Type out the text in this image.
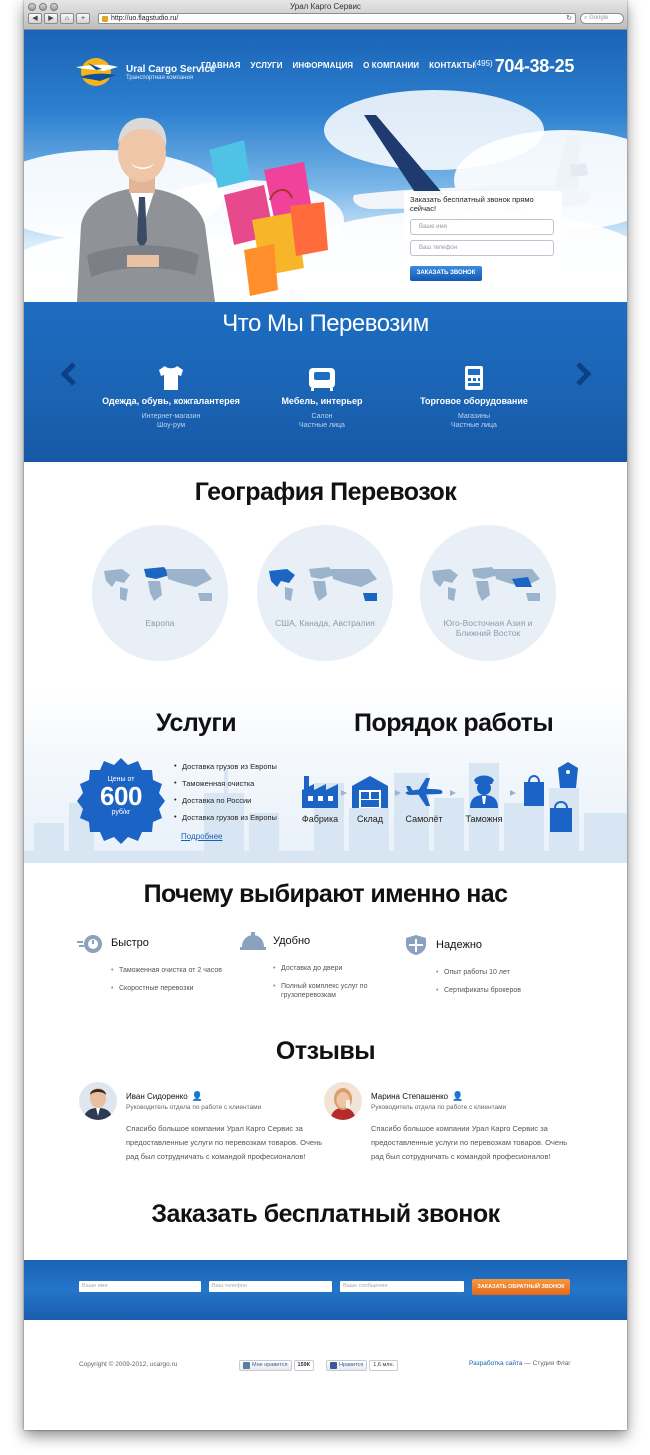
Урал Карго Сервис
◀	▶	⌂	+	http://uo.flagstudio.ru/	↻	⌕ Google
Ural Cargo Service
Транспортная компания
ГЛАВНАЯ УСЛУГИ ИНФОРМАЦИЯ О КОМПАНИИ КОНТАКТЫ (495) 704-38-25
Заказать бесплатный звонок прямо сейчас!
Ваше имя
Ваш телефон
ЗАКАЗАТЬ ЗВОНОК
Что Мы Перевозим
Одежда, обувь, кожгалантерея
Интернет-магазин
Шоу-рум
Мебель, интерьер
Салон
Частные лица
Торговое оборудование
Магазины
Частные лица
География Перевозок
Европа	США, Канада, Австралия	Юго-Восточная Азия и
Ближний Восток
Услуги	Порядок работы
Цены от
600
руб/кг
• Доставка грузов из Европы
• Таможенная очистка
• Доставка по России
• Доставка грузов из Европы
Подробнее
Фабрика	Склад	Самолёт	Таможня
Почему выбирают именно нас
Быстро
• Таможенная очистка от 2 часов
• Скоростные перевозки
Удобно
• Доставка до двери
• Полный комплекс услуг по
грузоперевозкам
Надежно
• Опыт работы 10 лет
• Сертификаты брокеров
Отзывы
Иван Сидоренко 👤
Руководитель отдела по работе с клиентами
Спасибо большое компании Урал Карго Сервис за предоставленные услуги по перевозкам товаров. Очень рад был сотрудничать с командой професионалов!
Марина Степашенко 👤
Руководитель отдела по работе с клиентами
Спасибо большое компании Урал Карго Сервис за предоставленные услуги по перевозкам товаров. Очень рад был сотрудничать с командой професионалов!
Заказать бесплатный звонок
Ваше имя	Ваш телефон	Ваше сообщение	ЗАКАЗАТЬ ОБРАТНЫЙ ЗВОНОК
Copyright © 2009-2012, ucargo.ru	Мне нравится	159К	Нравится	1,6 млн.	Разработка сайта — Студия Флаг
